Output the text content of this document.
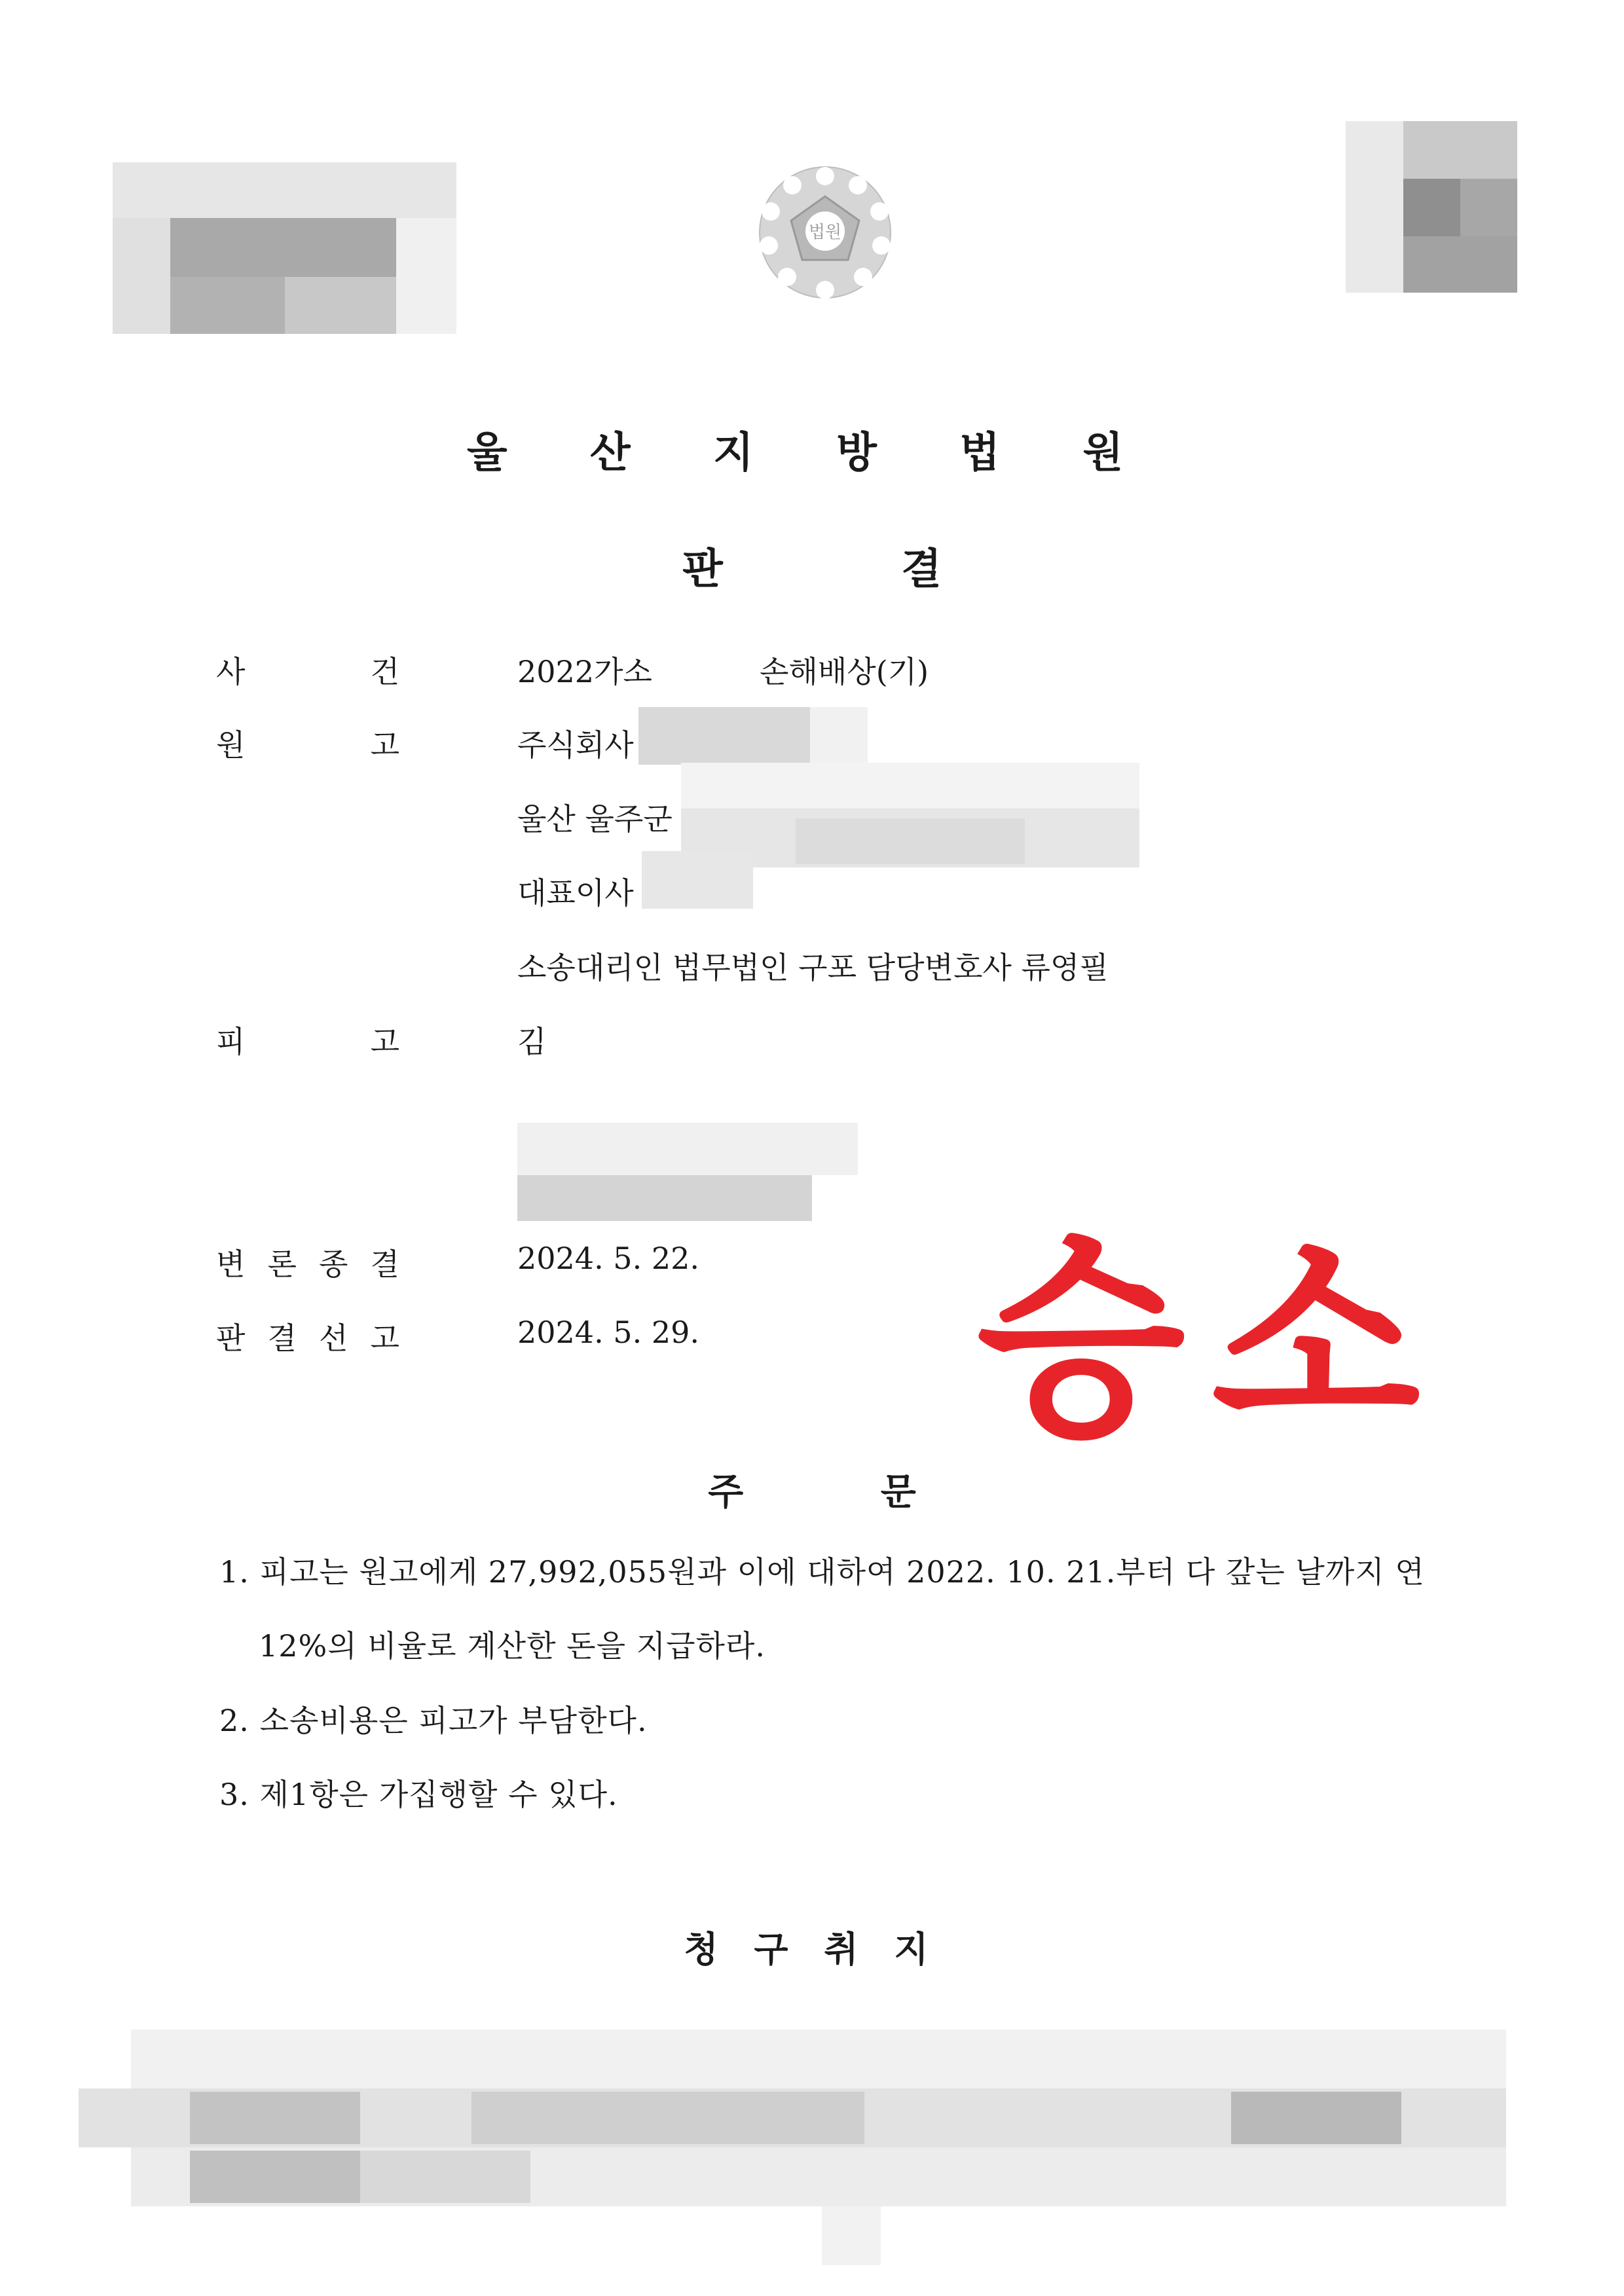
법원
울 산 지 방 법 원
판 결
사	건	2022가소	손해배상(기)
원	고	주식회사
울산 울주군
대표이사
소송대리인 법무법인 구포 담당변호사 류영필
피	고	김
변 론 종 결	2024. 5. 22.
판 결 선 고	2024. 5. 29. 승소
주 문
1. 피고는 원고에게 27,992,055원과 이에 대하여 2022. 10. 21.부터 다 갚는 날까지 연
12%의 비율로 계산한 돈을 지급하라.
2. 소송비용은 피고가 부담한다.
3. 제1항은 가집행할 수 있다.
청 구 취 지
